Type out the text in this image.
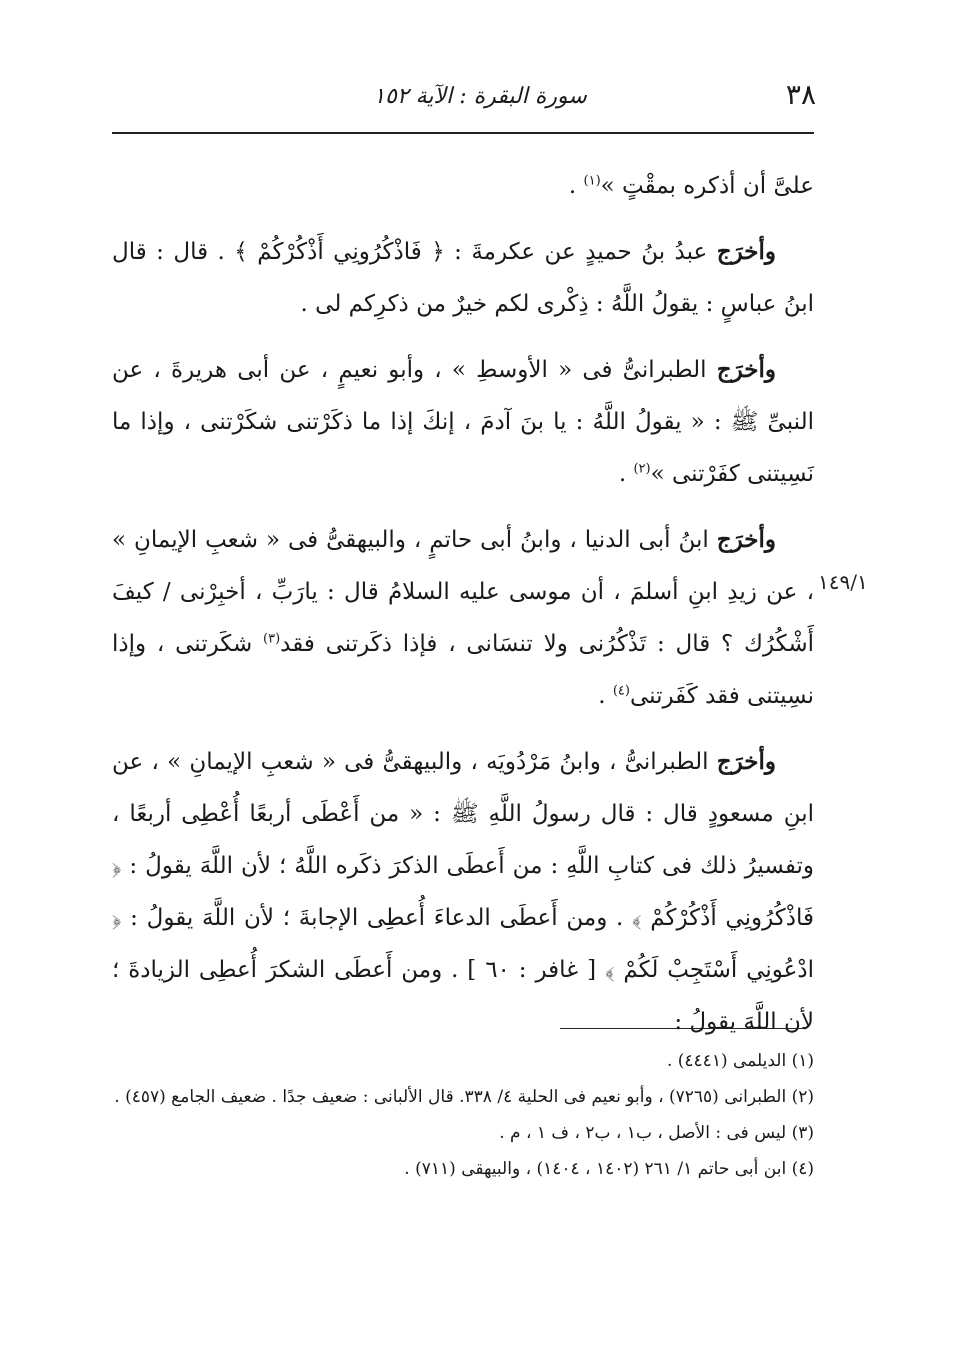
٣٨
سورة البقرة : الآية ١٥٢
١٤٩/١

علىَّ أن أذكره بمقْتٍ »$^{(١)}$ .

وأخرَج عبدُ بنُ حميدٍ عن عكرمةَ : ﴿ فَاذْكُرُونِي أَذْكُرْكُمْ ﴾ . قال : قال ابنُ عباسٍ : يقولُ اللَّهُ : ذِكْرى لكم خيرٌ من ذكرِكم لى .

وأخرَج الطبرانىُّ فى « الأوسطِ » ، وأبو نعيمٍ ، عن أبى هريرةَ ، عن النبىِّ ﷺ : « يقولُ اللَّهُ : يا بنَ آدمَ ، إنكَ إذا ما ذكَرْتنى شكَرْتنى ، وإذا ما نَسِيتنى كفَرْتنى »$^{(٢)}$ .

وأخرَج ابنُ أبى الدنيا ، وابنُ أبى حاتمٍ ، والبيهقىُّ فى « شعبِ الإيمانِ » ، عن زيدِ ابنِ أسلمَ ، أن موسى عليه السلامُ قال : يارَبِّ ، أخبِرْنى / كيفَ أَشْكُرُك ؟ قال : تَذْكُرُنى ولا تنسَانى ، فإذا ذكَرتنى فقد$^{(٣)}$ شكَرتنى ، وإذا نسِيتنى فقد كَفَرتنى$^{(٤)}$ .

وأخرَج الطبرانىُّ ، وابنُ مَرْدُويَه ، والبيهقىُّ فى « شعبِ الإيمانِ » ، عن ابنِ مسعودٍ قال : قال رسولُ اللَّهِ ﷺ : « من أَعْطَى أربعًا أُعْطِى أربعًا ، وتفسيرُ ذلك فى كتابِ اللَّهِ : من أَعطَى الذكرَ ذكَره اللَّهُ ؛ لأن اللَّهَ يقولُ : ﴿ فَاذْكُرُونِي أَذْكُرْكُمْ ﴾ . ومن أَعطَى الدعاءَ أُعطِى الإجابةَ ؛ لأن اللَّهَ يقولُ : ﴿ ادْعُونِي أَسْتَجِبْ لَكُمْ ﴾ [ غافر : ٦٠ ] . ومن أَعطَى الشكرَ أُعطِى الزيادةَ ؛ لأن اللَّهَ يقولُ :

(١) الديلمى (٤٤٤١) .

(٢) الطبرانى (٧٢٦٥) ، وأبو نعيم فى الحلية ٤/ ٣٣٨. قال الألبانى : ضعيف جدًا . ضعيف الجامع (٤٥٧) .

(٣) ليس فى : الأصل ، ب١ ، ب٢ ، ف ١ ، م .

(٤) ابن أبى حاتم ١/ ٢٦١ (١٤٠٢ ، ١٤٠٤) ، والبيهقى (٧١١) .
